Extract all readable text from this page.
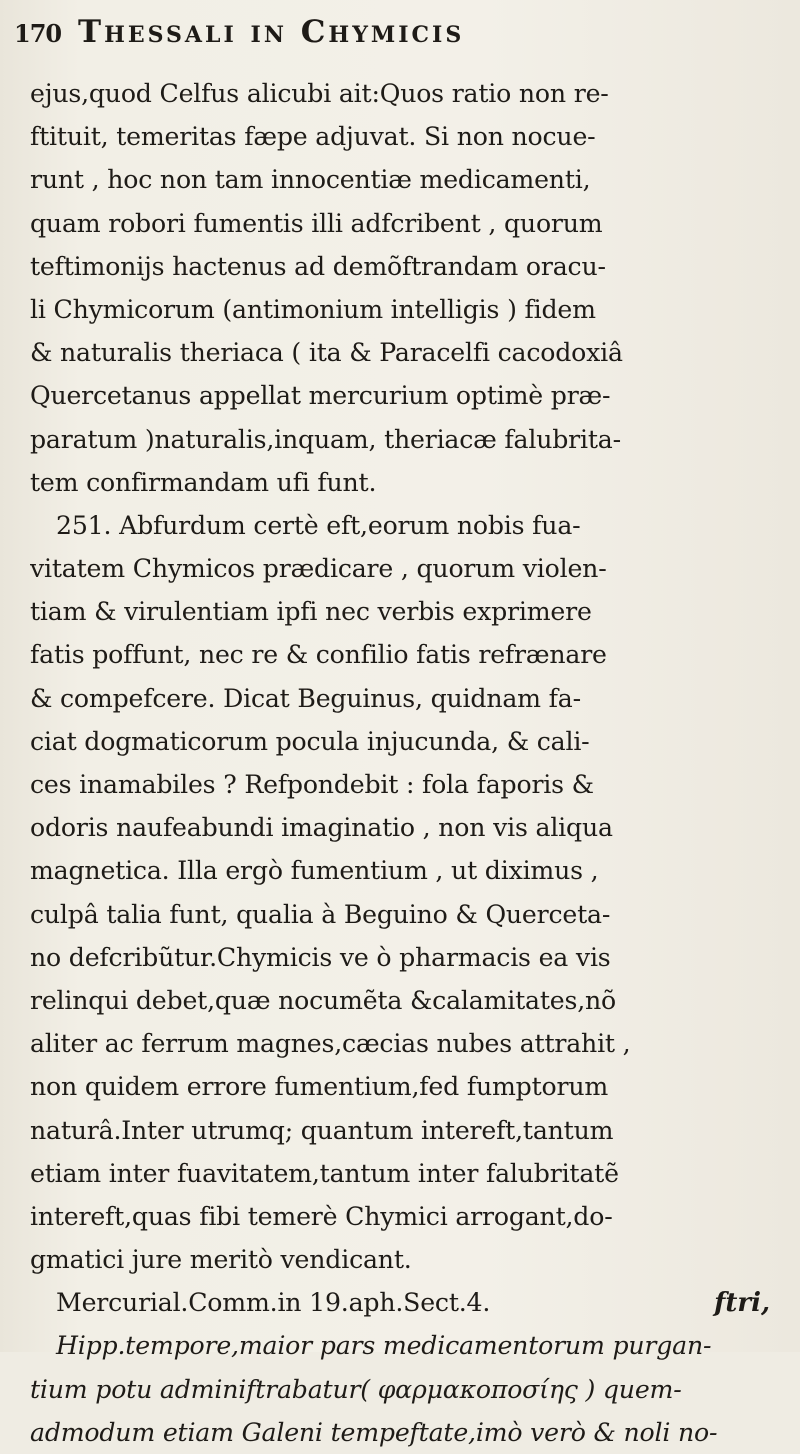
170 Thessali in Chymicis
ejus,quod Celfus alicubi ait:Quos ratio non re-
ftituit, temeritas fæpe adjuvat. Si non nocue-
runt , hoc non tam innocentiæ medicamenti,
quam robori fumentis illi adfcribent , quorum
teftimonijs hactenus ad demõftrandam oracu-
li Chymicorum (antimonium intelligis ) fidem
& naturalis theriaca ( ita & Paracelfi cacodoxiâ
Quercetanus appellat mercurium optimè præ-
paratum )naturalis,inquam, theriacæ falubrita-
tem confirmandam ufi funt.
251. Abfurdum certè eft,eorum nobis fua-
vitatem Chymicos prædicare , quorum violen-
tiam & virulentiam ipfi nec verbis exprimere
fatis poffunt, nec re & confilio fatis refrænare
& compefcere. Dicat Beguinus, quidnam fa-
ciat dogmaticorum pocula injucunda, & cali-
ces inamabiles ? Refpondebit : fola faporis &
odoris naufeabundi imaginatio , non vis aliqua
magnetica. Illa ergò fumentium , ut diximus ,
culpâ talia funt, qualia à Beguino & Querceta-
no defcribũtur.Chymicis ve ò pharmacis ea vis
relinqui debet,quæ nocumẽta &calamitates,nõ
aliter ac ferrum magnes,cæcias nubes attrahit ,
non quidem errore fumentium,fed fumptorum
naturâ.Inter utrumq; quantum intereft,tantum
etiam inter fuavitatem,tantum inter falubritatẽ
intereft,quas fibi temerè Chymici arrogant,do-
gmatici jure meritò vendicant.
Mercurial.Comm.in 19.aph.Sect.4.
Hipp.tempore,maior pars medicamentorum purgan-
tium potu adminiftrabatur( φαρμακοποσίης ) quem-
admodum etiam Galeni tempeftate,imò verò & noli no-
ftri,
